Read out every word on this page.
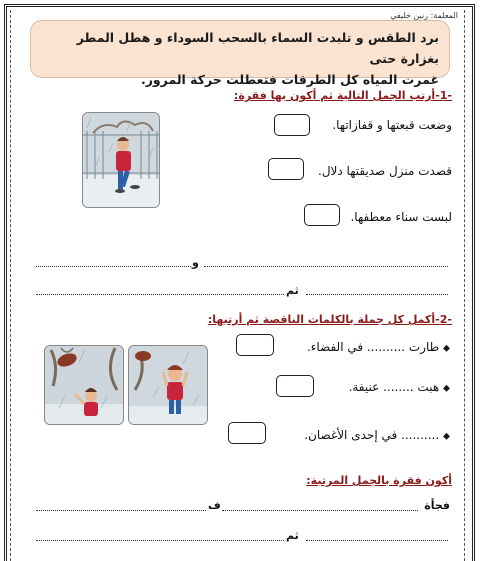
المعلمة: رنين خليفي
برد الطقس و تلبدت السماء بالسحب السوداء و هطل المطر بغزارة حتى
غمرت المياه كل الطرقات فتعطلت حركة المرور.
-1-أرتب الجمل التالية ثم أكون بها فقرة:
وضعت قبعتها و قفازاتها.
قصدت منزل صديقتها دلال.
لبست سناء معطفها.
و
ثم
-2-أكمل كل جملة بالكلمات الناقصة ثم أرتبها:
⬥ طارت .......... في الفضاء.
⬥ هبت ........ عنيفة.
⬥ .......... في إحدى الأغصان.
أكون فقرة بالجمل المرتبة:
ف	فجأة
ثم
